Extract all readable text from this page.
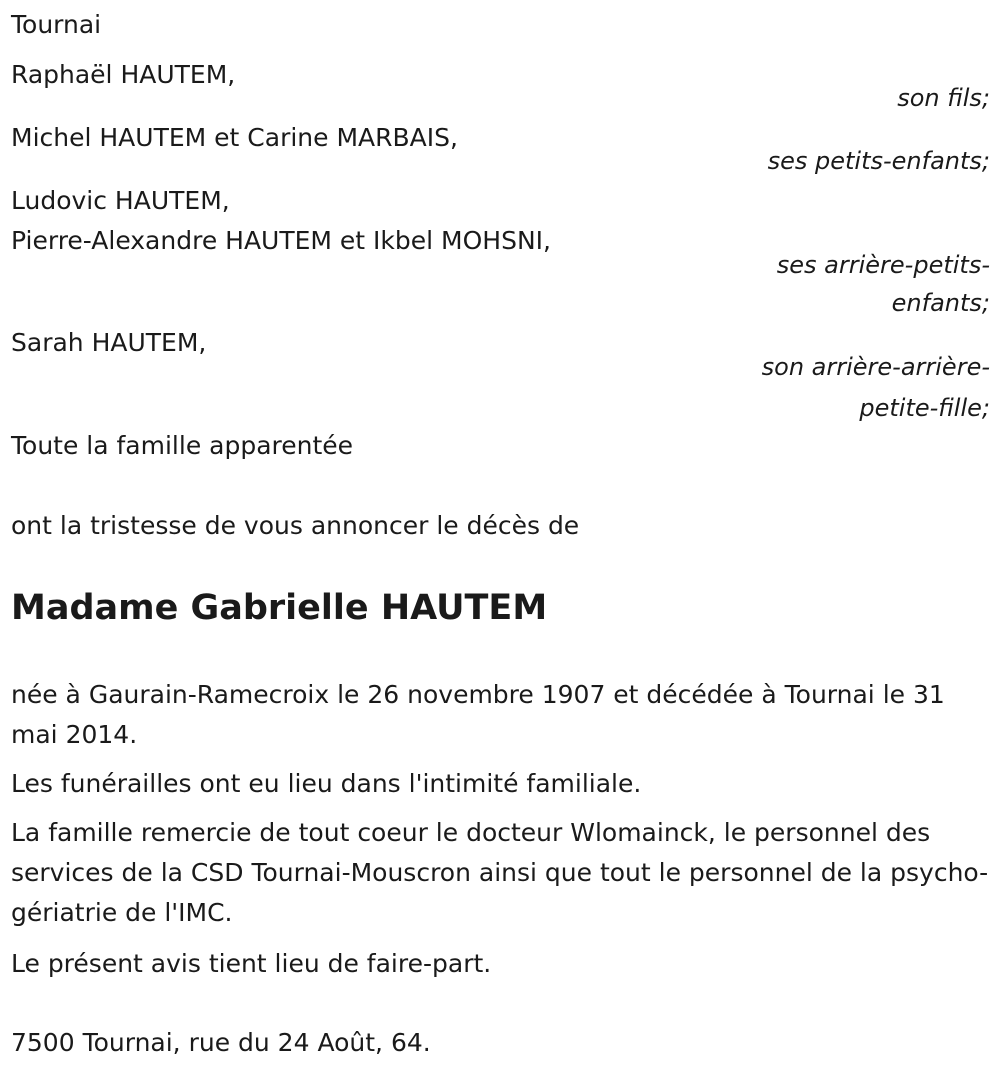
Tournai
Raphaël HAUTEM,
son fils;
Michel HAUTEM et Carine MARBAIS,
ses petits-enfants;
Ludovic HAUTEM,
Pierre-Alexandre HAUTEM et Ikbel MOHSNI,
ses arrière-petits-
enfants;
Sarah HAUTEM,
son arrière-arrière-
petite-fille;
Toute la famille apparentée
ont la tristesse de vous annoncer le décès de
Madame Gabrielle HAUTEM
née à Gaurain-Ramecroix le 26 novembre 1907 et décédée à Tournai le 31 mai 2014.
Les funérailles ont eu lieu dans l'intimité familiale.
La famille remercie de tout coeur le docteur Wlomainck, le personnel des services de la CSD Tournai-Mouscron ainsi que tout le personnel de la psycho-gériatrie de l'IMC.
Le présent avis tient lieu de faire-part.
7500 Tournai, rue du 24 Août, 64.
